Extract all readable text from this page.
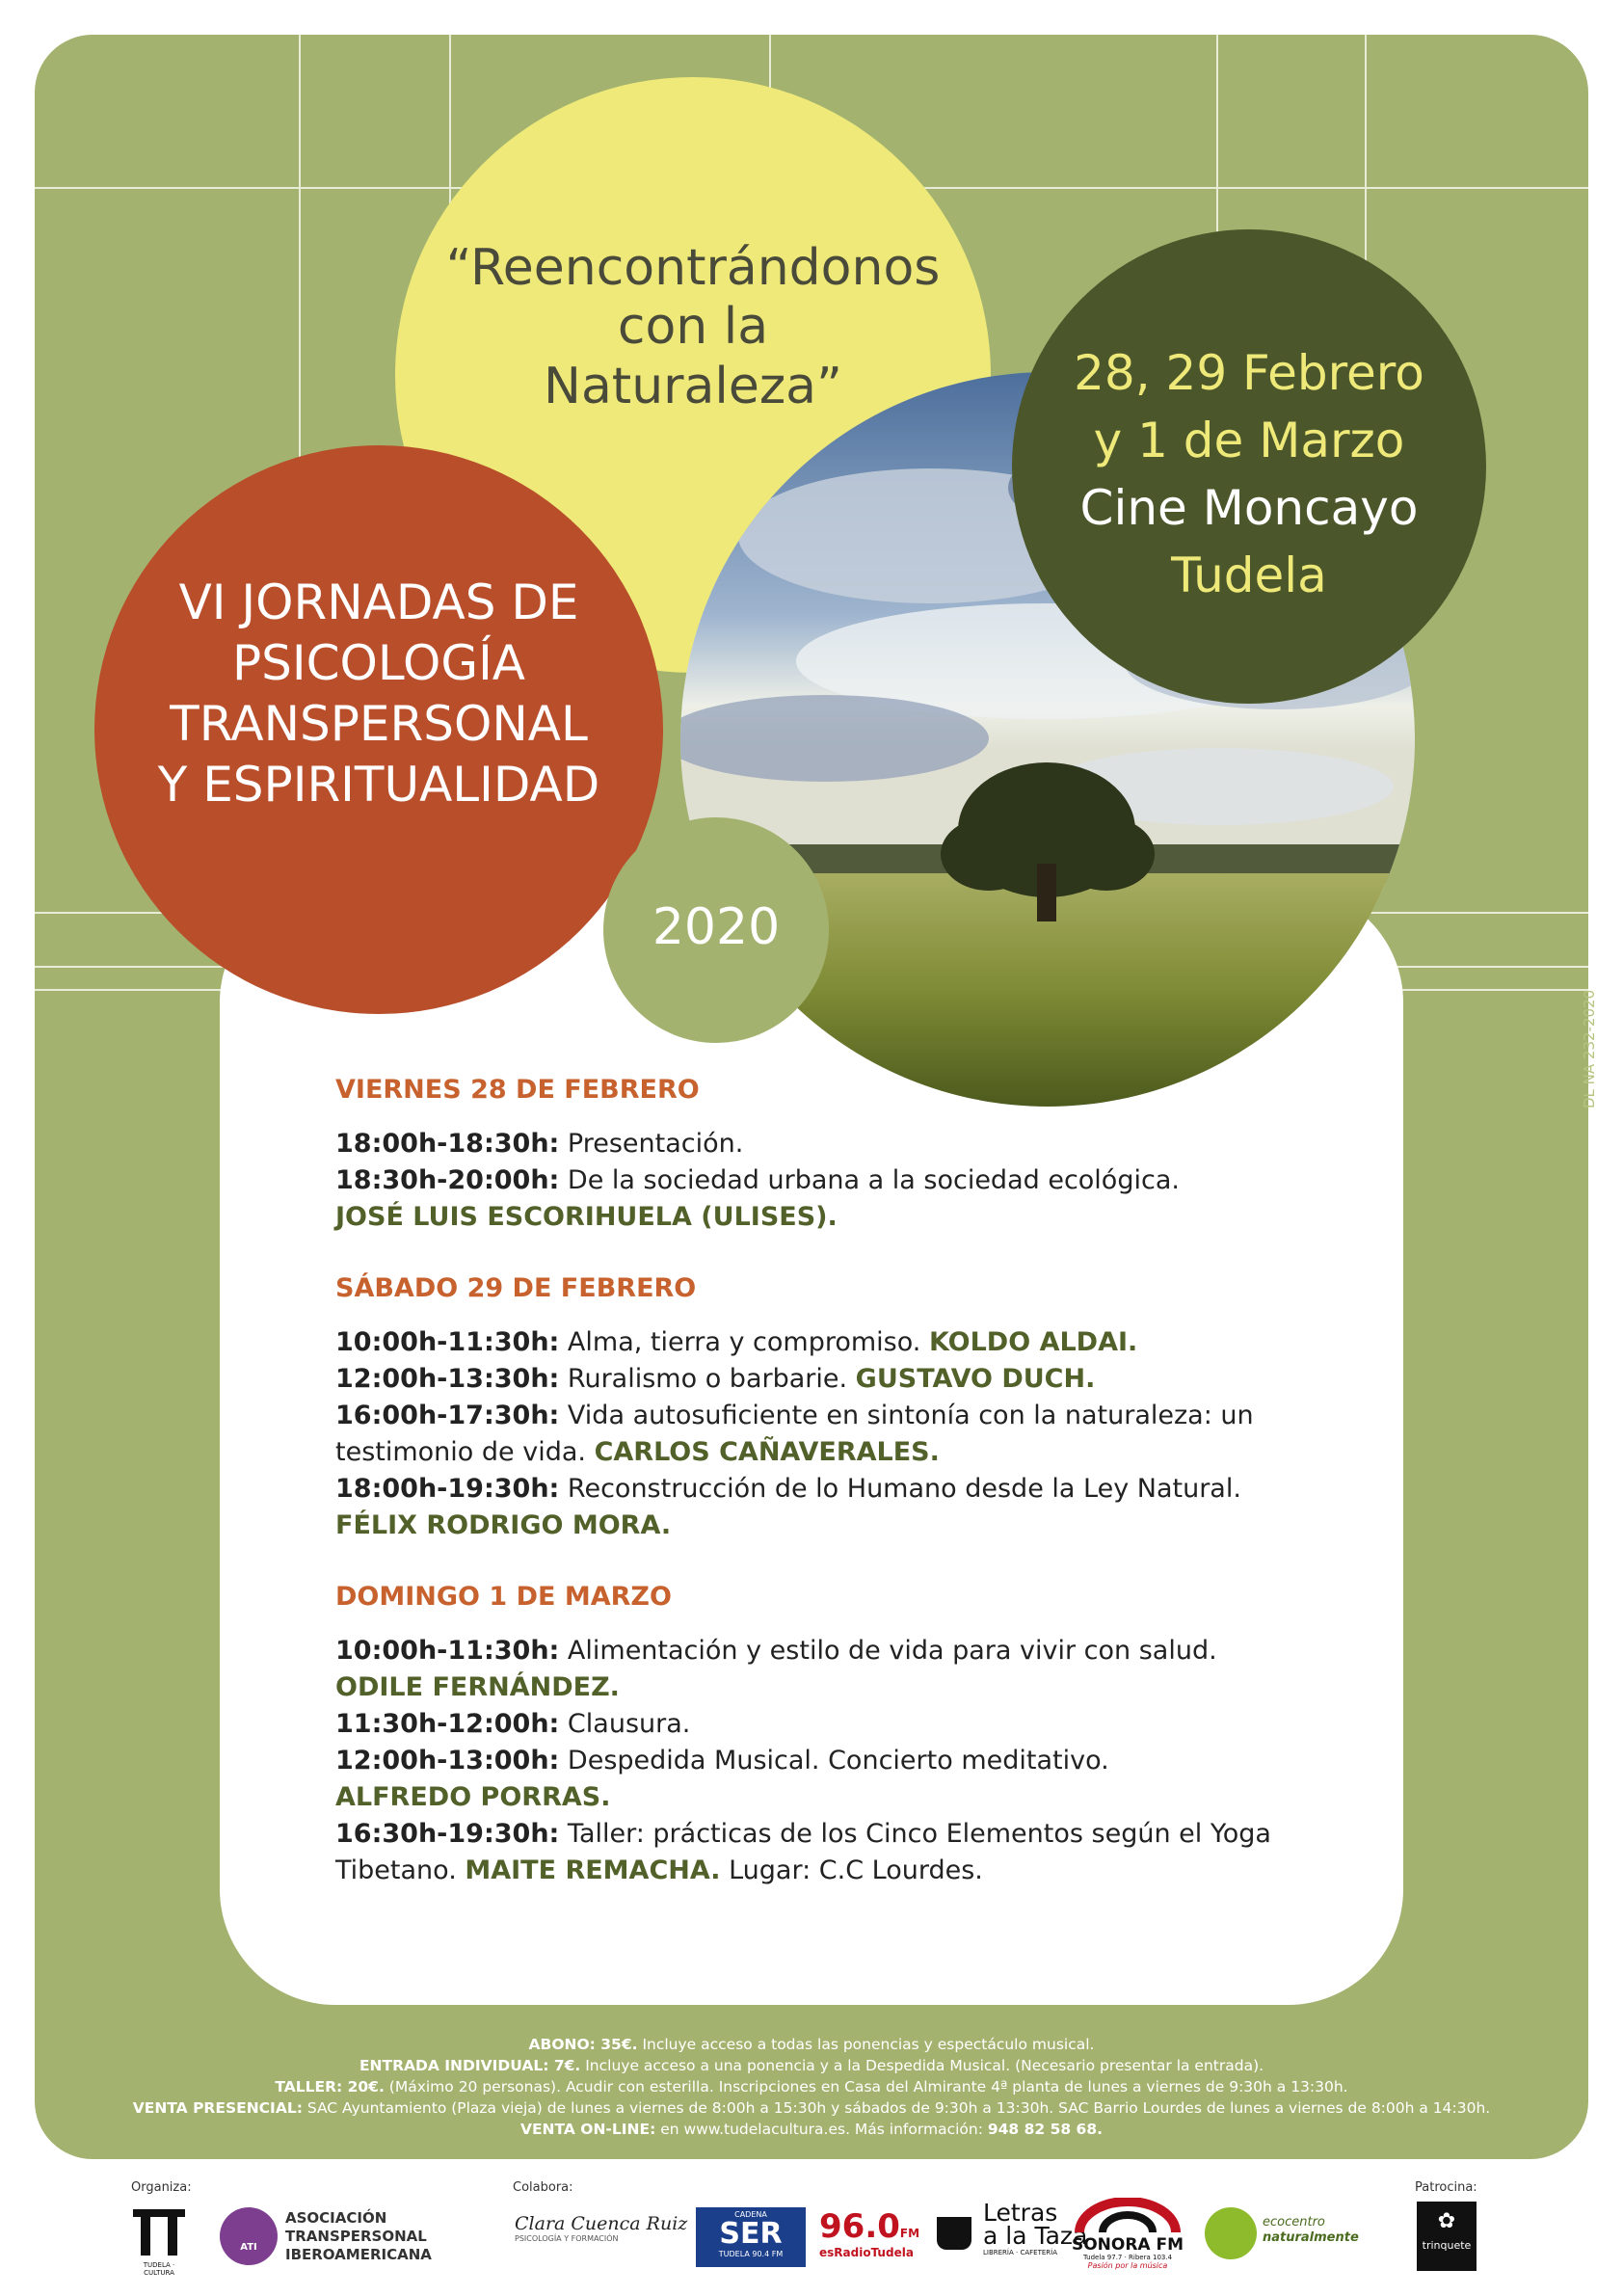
“Reencontrándonos
con la
Naturaleza”	28, 29 Febrero
y 1 de Marzo
Cine Moncayo
Tudela
VI JORNADAS DE
PSICOLOGÍA
TRANSPERSONAL
Y ESPIRITUALIDAD
2020
VIERNES 28 DE FEBRERO
18:00h-18:30h: Presentación.
18:30h-20:00h: De la sociedad urbana a la sociedad ecológica.
JOSÉ LUIS ESCORIHUELA (ULISES).
SÁBADO 29 DE FEBRERO
10:00h-11:30h: Alma, tierra y compromiso. KOLDO ALDAI.
12:00h-13:30h: Ruralismo o barbarie. GUSTAVO DUCH.
16:00h-17:30h: Vida autosuficiente en sintonía con la naturaleza: un testimonio de vida. CARLOS CAÑAVERALES.
18:00h-19:30h: Reconstrucción de lo Humano desde la Ley Natural.
FÉLIX RODRIGO MORA.
DOMINGO 1 DE MARZO
10:00h-11:30h: Alimentación y estilo de vida para vivir con salud.
ODILE FERNÁNDEZ.
11:30h-12:00h: Clausura.
12:00h-13:00h: Despedida Musical. Concierto meditativo.
ALFREDO PORRAS.
16:30h-19:30h: Taller: prácticas de los Cinco Elementos según el Yoga Tibetano. MAITE REMACHA. Lugar: C.C Lourdes.
ABONO: 35€. Incluye acceso a todas las ponencias y espectáculo musical.
ENTRADA INDIVIDUAL: 7€. Incluye acceso a una ponencia y a la Despedida Musical. (Necesario presentar la entrada).
TALLER: 20€. (Máximo 20 personas). Acudir con esterilla. Inscripciones en Casa del Almirante 4ª planta de lunes a viernes de 9:30h a 13:30h.
VENTA PRESENCIAL: SAC Ayuntamiento (Plaza vieja) de lunes a viernes de 8:00h a 15:30h y sábados de 9:30h a 13:30h. SAC Barrio Lourdes de lunes a viernes de 8:00h a 14:30h.
VENTA ON-LINE: en www.tudelacultura.es. Más información: 948 82 58 68.
DL NA 232-2020
Organiza:	Colabora:	Patrocina:
TUDELA · CULTURA
ATI
ASOCIACIÓN
TRANSPERSONAL
IBEROAMERICANA
Clara Cuenca Ruiz
PSICOLOGÍA Y FORMACIÓN
CADENA
SER
TUDELA 90.4 FM
96.0FM
esRadioTudela
Letras
a la Taza
LIBRERÍA · CAFETERÍA SONORA FM
Tudela 97.7 · Ribera 103.4
Pasión por la música
ecocentro
naturalmente
✿
trinquete
